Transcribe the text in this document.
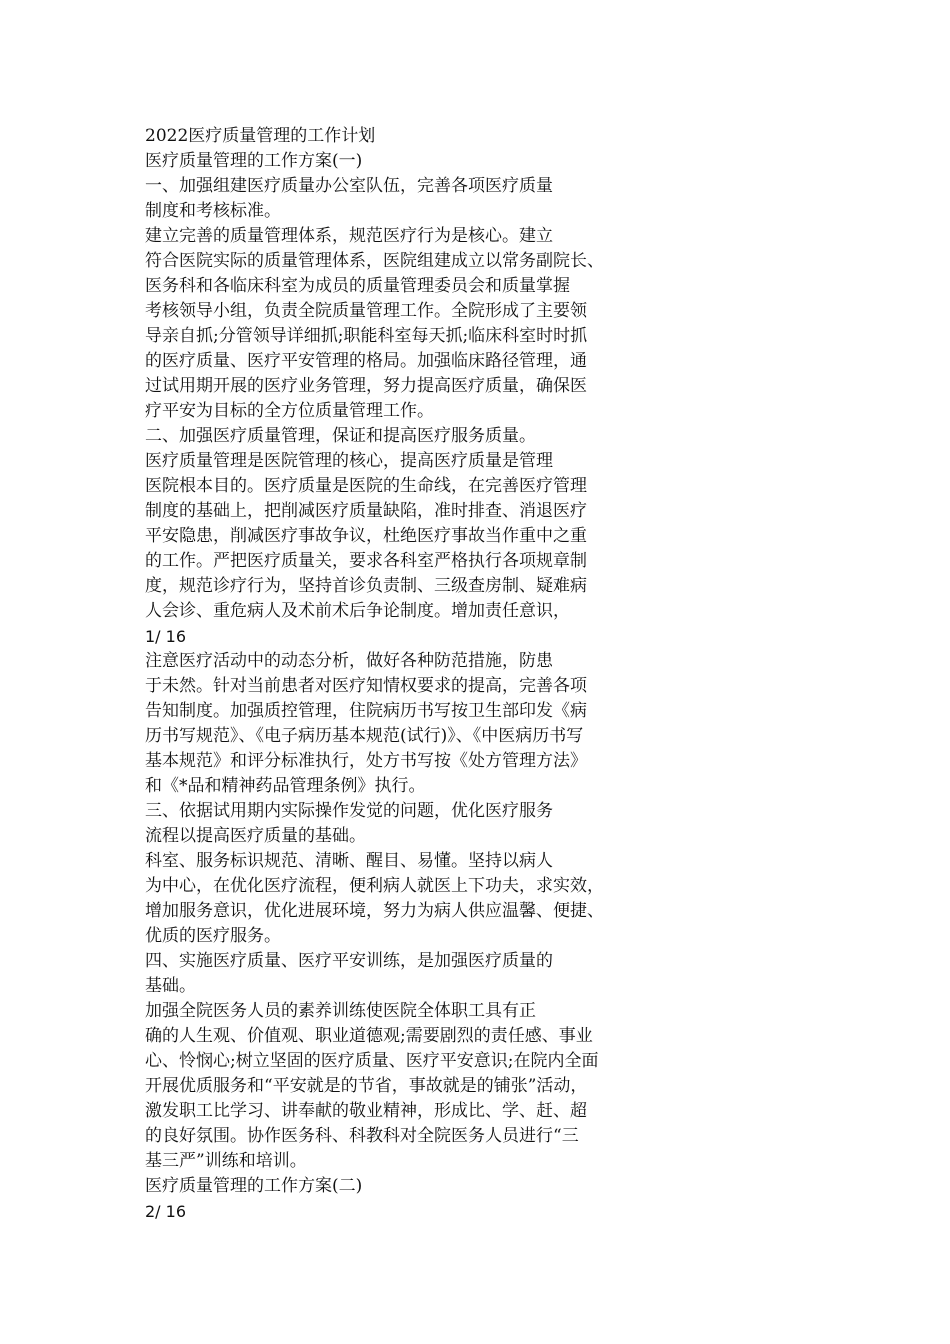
2022医疗质量管理的工作计划
医疗质量管理的工作方案(一)
一、加强组建医疗质量办公室队伍，完善各项医疗质量
制度和考核标准。
建立完善的质量管理体系，规范医疗行为是核心。建立
符合医院实际的质量管理体系，医院组建成立以常务副院长、
医务科和各临床科室为成员的质量管理委员会和质量掌握
考核领导小组，负责全院质量管理工作。全院形成了主要领
导亲自抓;分管领导详细抓;职能科室每天抓;临床科室时时抓
的医疗质量、医疗平安管理的格局。加强临床路径管理，通
过试用期开展的医疗业务管理，努力提高医疗质量，确保医
疗平安为目标的全方位质量管理工作。
二、加强医疗质量管理，保证和提高医疗服务质量。
医疗质量管理是医院管理的核心，提高医疗质量是管理
医院根本目的。医疗质量是医院的生命线，在完善医疗管理
制度的基础上，把削减医疗质量缺陷，准时排查、消退医疗
平安隐患，削减医疗事故争议，杜绝医疗事故当作重中之重
的工作。严把医疗质量关，要求各科室严格执行各项规章制
度，规范诊疗行为，坚持首诊负责制、三级查房制、疑难病
人会诊、重危病人及术前术后争论制度。增加责任意识，
1/ 16
注意医疗活动中的动态分析，做好各种防范措施，防患
于未然。针对当前患者对医疗知情权要求的提高，完善各项
告知制度。加强质控管理，住院病历书写按卫生部印发《病
历书写规范》、《电子病历基本规范(试行)》、《中医病历书写
基本规范》和评分标准执行，处方书写按《处方管理方法》
和《*品和精神药品管理条例》执行。
三、依据试用期内实际操作发觉的问题，优化医疗服务
流程以提高医疗质量的基础。
科室、服务标识规范、清晰、醒目、易懂。坚持以病人
为中心，在优化医疗流程，便利病人就医上下功夫，求实效，
增加服务意识，优化进展环境，努力为病人供应温馨、便捷、
优质的医疗服务。
四、实施医疗质量、医疗平安训练，是加强医疗质量的
基础。
加强全院医务人员的素养训练使医院全体职工具有正
确的人生观、价值观、职业道德观;需要剧烈的责任感、事业
心、怜悯心;树立坚固的医疗质量、医疗平安意识;在院内全面
开展优质服务和“平安就是的节省，事故就是的铺张”活动，
激发职工比学习、讲奉献的敬业精神，形成比、学、赶、超
的良好氛围。协作医务科、科教科对全院医务人员进行“三
基三严”训练和培训。
医疗质量管理的工作方案(二)
2/ 16
